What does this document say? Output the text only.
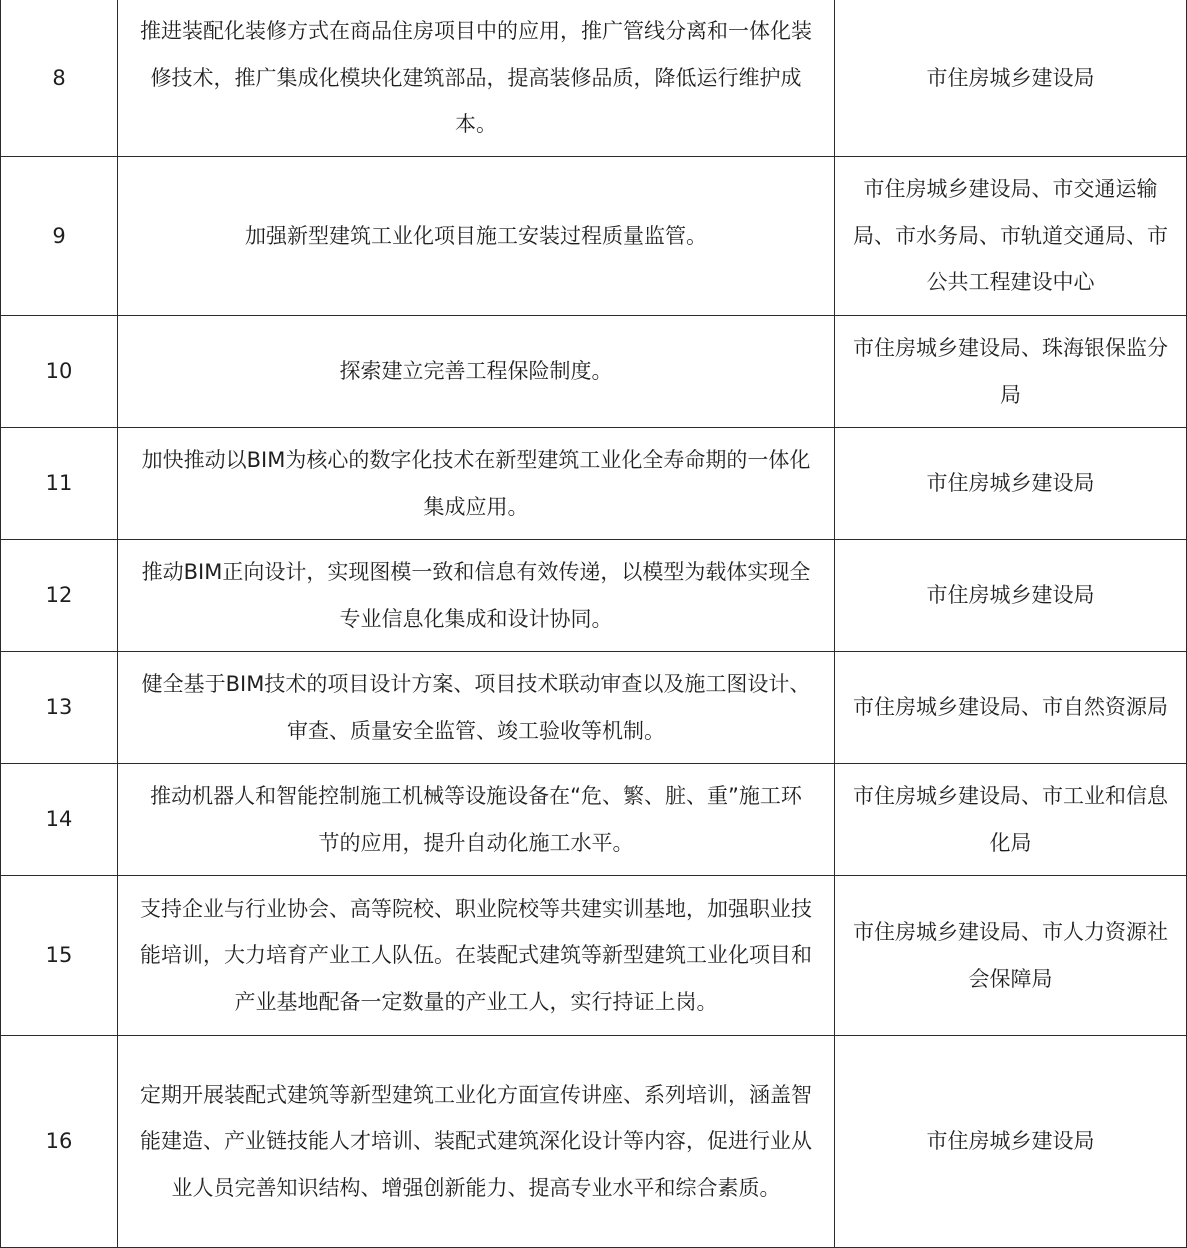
8	推进装配化装修方式在商品住房项目中的应用，推广管线分离和一体化装修技术，推广集成化模块化建筑部品，提高装修品质，降低运行维护成本。	市住房城乡建设局
9	加强新型建筑工业化项目施工安装过程质量监管。	市住房城乡建设局、市交通运输局、市水务局、市轨道交通局、市公共工程建设中心
10	探索建立完善工程保险制度。	市住房城乡建设局、珠海银保监分局
11	加快推动以BIM为核心的数字化技术在新型建筑工业化全寿命期的一体化集成应用。	市住房城乡建设局
12	推动BIM正向设计，实现图模一致和信息有效传递，以模型为载体实现全专业信息化集成和设计协同。	市住房城乡建设局
13	健全基于BIM技术的项目设计方案、项目技术联动审查以及施工图设计、审查、质量安全监管、竣工验收等机制。	市住房城乡建设局、市自然资源局
14	推动机器人和智能控制施工机械等设施设备在“危、繁、脏、重”施工环节的应用，提升自动化施工水平。	市住房城乡建设局、市工业和信息化局
15	支持企业与行业协会、高等院校、职业院校等共建实训基地，加强职业技能培训，大力培育产业工人队伍。在装配式建筑等新型建筑工业化项目和产业基地配备一定数量的产业工人，实行持证上岗。	市住房城乡建设局、市人力资源社会保障局
16	定期开展装配式建筑等新型建筑工业化方面宣传讲座、系列培训，涵盖智能建造、产业链技能人才培训、装配式建筑深化设计等内容，促进行业从业人员完善知识结构、增强创新能力、提高专业水平和综合素质。	市住房城乡建设局
